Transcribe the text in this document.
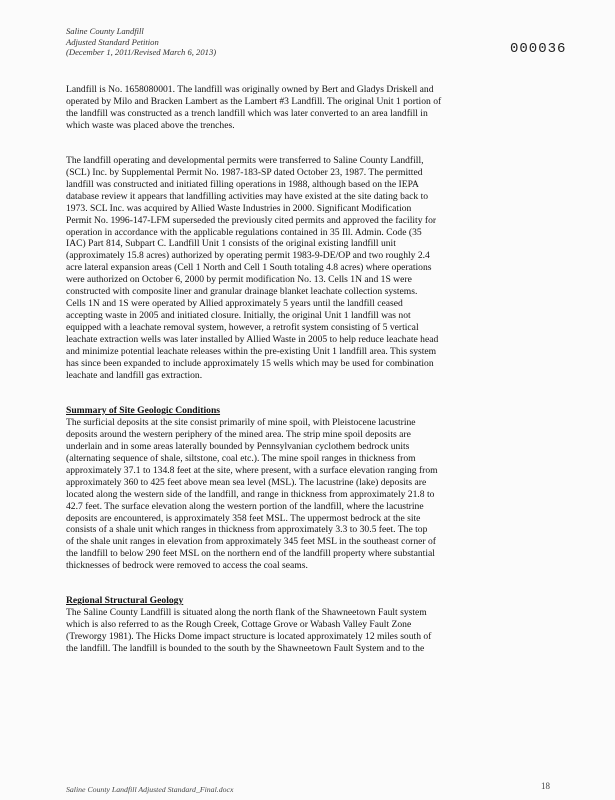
Saline County Landfill
Adjusted Standard Petition
(December 1, 2011/Revised March 6, 2013)	000036

Landfill is No. 1658080001. The landfill was originally owned by Bert and Gladys Driskell and
operated by Milo and Bracken Lambert as the Lambert #3 Landfill. The original Unit 1 portion of
the landfill was constructed as a trench landfill which was later converted to an area landfill in
which waste was placed above the trenches.

The landfill operating and developmental permits were transferred to Saline County Landfill,
(SCL) Inc. by Supplemental Permit No. 1987-183-SP dated October 23, 1987. The permitted
landfill was constructed and initiated filling operations in 1988, although based on the IEPA
database review it appears that landfilling activities may have existed at the site dating back to
1973. SCL Inc. was acquired by Allied Waste Industries in 2000. Significant Modification
Permit No. 1996-147-LFM superseded the previously cited permits and approved the facility for
operation in accordance with the applicable regulations contained in 35 Ill. Admin. Code (35
IAC) Part 814, Subpart C. Landfill Unit 1 consists of the original existing landfill unit
(approximately 15.8 acres) authorized by operating permit 1983-9-DE/OP and two roughly 2.4
acre lateral expansion areas (Cell 1 North and Cell 1 South totaling 4.8 acres) where operations
were authorized on October 6, 2000 by permit modification No. 13. Cells 1N and 1S were
constructed with composite liner and granular drainage blanket leachate collection systems.
Cells 1N and 1S were operated by Allied approximately 5 years until the landfill ceased
accepting waste in 2005 and initiated closure. Initially, the original Unit 1 landfill was not
equipped with a leachate removal system, however, a retrofit system consisting of 5 vertical
leachate extraction wells was later installed by Allied Waste in 2005 to help reduce leachate head
and minimize potential leachate releases within the pre-existing Unit 1 landfill area. This system
has since been expanded to include approximately 15 wells which may be used for combination
leachate and landfill gas extraction.

Summary of Site Geologic Conditions

The surficial deposits at the site consist primarily of mine spoil, with Pleistocene lacustrine
deposits around the western periphery of the mined area. The strip mine spoil deposits are
underlain and in some areas laterally bounded by Pennsylvanian cyclothem bedrock units
(alternating sequence of shale, siltstone, coal etc.). The mine spoil ranges in thickness from
approximately 37.1 to 134.8 feet at the site, where present, with a surface elevation ranging from
approximately 360 to 425 feet above mean sea level (MSL). The lacustrine (lake) deposits are
located along the western side of the landfill, and range in thickness from approximately 21.8 to
42.7 feet. The surface elevation along the western portion of the landfill, where the lacustrine
deposits are encountered, is approximately 358 feet MSL. The uppermost bedrock at the site
consists of a shale unit which ranges in thickness from approximately 3.3 to 30.5 feet. The top
of the shale unit ranges in elevation from approximately 345 feet MSL in the southeast corner of
the landfill to below 290 feet MSL on the northern end of the landfill property where substantial
thicknesses of bedrock were removed to access the coal seams.

Regional Structural Geology

The Saline County Landfill is situated along the north flank of the Shawneetown Fault system
which is also referred to as the Rough Creek, Cottage Grove or Wabash Valley Fault Zone
(Treworgy 1981). The Hicks Dome impact structure is located approximately 12 miles south of
the landfill. The landfill is bounded to the south by the Shawneetown Fault System and to the

Saline County Landfill Adjusted Standard_Final.docx	18
